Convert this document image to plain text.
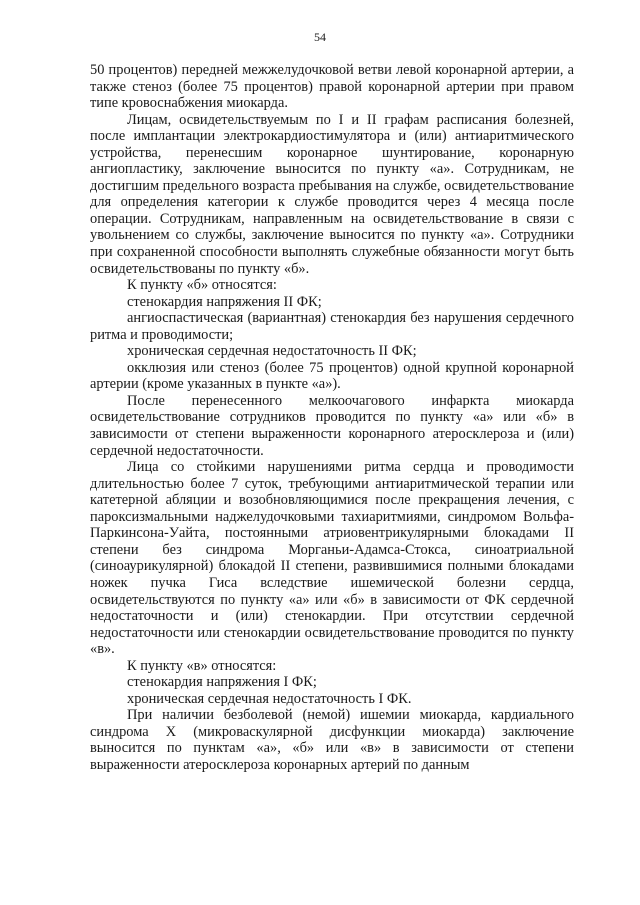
54

50 процентов) передней межжелудочковой ветви левой коронарной артерии, а также стеноз (более 75 процентов) правой коронарной артерии при правом типе кровоснабжения миокарда.

Лицам, освидетельствуемым по I и II графам расписания болезней, после имплантации электрокардиостимулятора и (или) антиаритмического устройства, перенесшим коронарное шунтирование, коронарную ангиопластику, заключение выносится по пункту «а». Сотрудникам, не достигшим предельного возраста пребывания на службе, освидетельствование для определения категории к службе проводится через 4 месяца после операции. Сотрудникам, направленным на освидетельствование в связи с увольнением со службы, заключение выносится по пункту «а». Сотрудники при сохраненной способности выполнять служебные обязанности могут быть освидетельствованы по пункту «б».

К пункту «б» относятся:

стенокардия напряжения II ФК;

ангиоспастическая (вариантная) стенокардия без нарушения сердечного ритма и проводимости;

хроническая сердечная недостаточность II ФК;

окклюзия или стеноз (более 75 процентов) одной крупной коронарной артерии (кроме указанных в пункте «а»).

После перенесенного мелкоочагового инфаркта миокарда освидетельствование сотрудников проводится по пункту «а» или «б» в зависимости от степени выраженности коронарного атеросклероза и (или) сердечной недостаточности.

Лица со стойкими нарушениями ритма сердца и проводимости длительностью более 7 суток, требующими антиаритмической терапии или катетерной абляции и возобновляющимися после прекращения лечения, с пароксизмальными наджелудочковыми тахиаритмиями, синдромом Вольфа-Паркинсона-Уайта, постоянными атриовентрикулярными блокадами II степени без синдрома Морганьи-Адамса-Стокса, синоатриальной (синоаурикулярной) блокадой II степени, развившимися полными блокадами ножек пучка Гиса вследствие ишемической болезни сердца, освидетельствуются по пункту «а» или «б» в зависимости от ФК сердечной недостаточности и (или) стенокардии. При отсутствии сердечной недостаточности или стенокардии освидетельствование проводится по пункту «в».

К пункту «в» относятся:

стенокардия напряжения I ФК;

хроническая сердечная недостаточность I ФК.

При наличии безболевой (немой) ишемии миокарда, кардиального синдрома Х (микроваскулярной дисфункции миокарда) заключение выносится по пунктам «а», «б» или «в» в зависимости от степени выраженности атеросклероза коронарных артерий по данным
